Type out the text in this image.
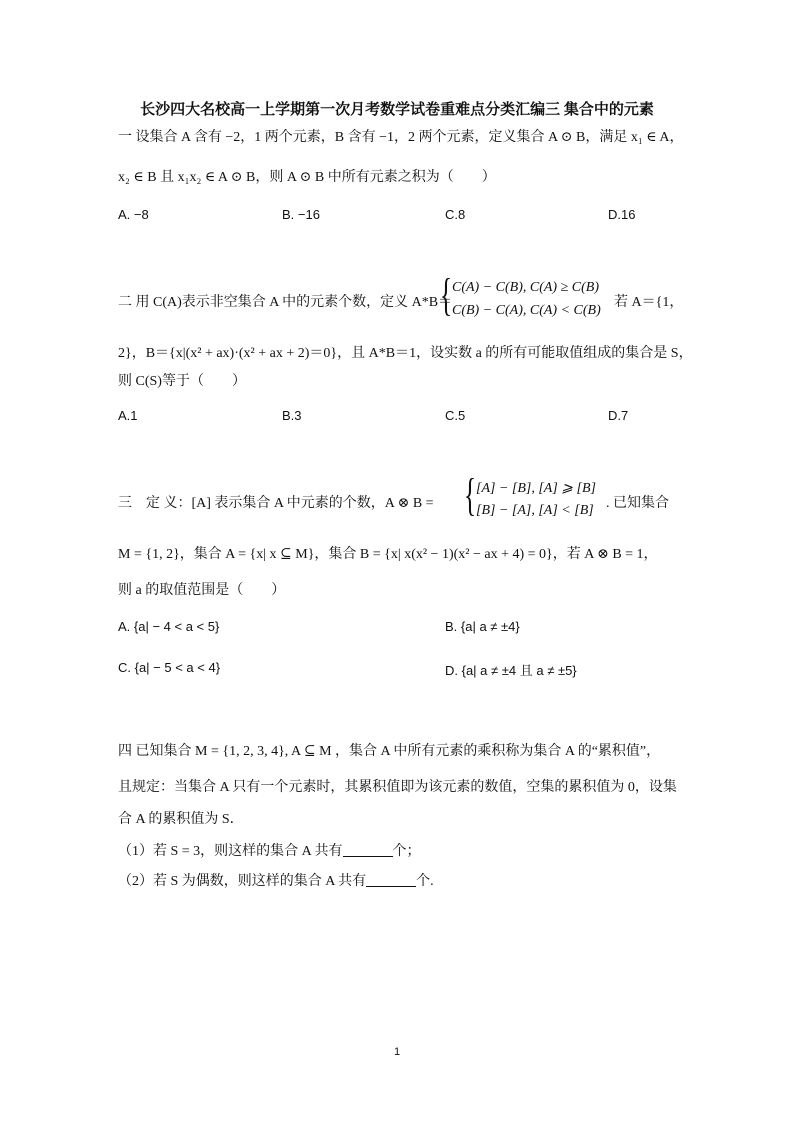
长沙四大名校高一上学期第一次月考数学试卷重难点分类汇编三 集合中的元素
一 设集合 A 含有 −2，1 两个元素，B 含有 −1，2 两个元素，定义集合 A ⊙ B，满足 x₁ ∈ A，
x₂ ∈ B 且 x₁x₂ ∈ A ⊙ B，则 A ⊙ B 中所有元素之积为（　　）
A. −8	B. −16	C.8	D.16
二 用 C(A)表示非空集合 A 中的元素个数，定义 A*B＝
{ C(A) − C(B), C(A) ≥ C(B)
C(B) − C(A), C(A) < C(B)
若 A＝{1，
2}，B＝{x|(x² + ax)·(x² + ax + 2)＝0}，且 A*B＝1，设实数 a 的所有可能取值组成的集合是 S，
则 C(S)等于（　　）
A.1	B.3	C.5	D.7
三　定 义：[A] 表示集合 A 中元素的个数，A ⊗ B = { [A] − [B], [A] ⩾ [B]
[B] − [A], [A] < [B] . 已知集合
M = {1, 2}，集合 A = {x| x ⊆ M}，集合 B = {x| x(x² − 1)(x² − ax + 4) = 0}，若 A ⊗ B = 1，
则 a 的取值范围是（　　）
A. {a| − 4 < a < 5}	B. {a| a ≠ ±4}
C. {a| − 5 < a < 4}	D. {a| a ≠ ±4 且 a ≠ ±5}
四 已知集合 M = {1, 2, 3, 4}, A ⊆ M ，集合 A 中所有元素的乘积称为集合 A 的“累积值”，
且规定：当集合 A 只有一个元素时，其累积值即为该元素的数值，空集的累积值为 0，设集
合 A 的累积值为 S．
（1）若 S = 3，则这样的集合 A 共有	个；
（2）若 S 为偶数，则这样的集合 A 共有	个.
1
